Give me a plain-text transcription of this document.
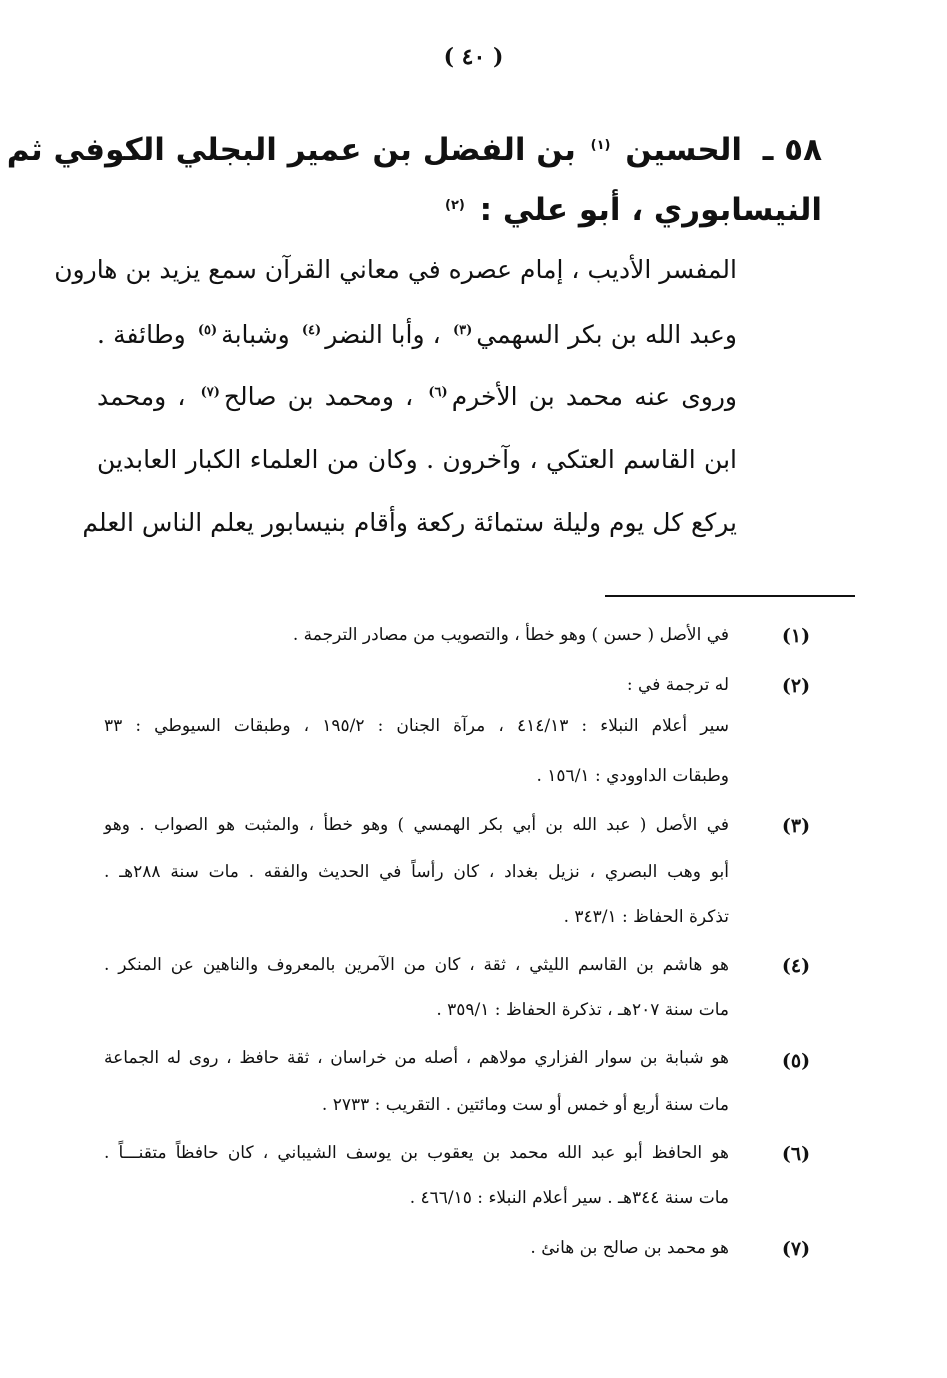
( ٤٠ )
٥٨ ـ
الحسين $^{(١)}$ بن الفضل بن عمير البجلي الكوفي ثم
النيسابوري ، أبو علي : $^{(٢)}$
المفسر الأديب ، إمام عصره في معاني القرآن سمع يزيد بن هارون
وعبد الله بن بكر السهمي$^{(٣)}$ ، وأبا النضر$^{(٤)}$ وشبابة$^{(٥)}$ وطائفة .
وروى عنه محمد بن الأخرم$^{(٦)}$ ، ومحمد بن صالح$^{(٧)}$ ، ومحمد
ابن القاسم العتكي ، وآخرون . وكان من العلماء الكبار العابدين
يركع كل يوم وليلة ستمائة ركعة وأقام بنيسابور يعلم الناس العلم
(١)
في الأصل ( حسن ) وهو خطأ ، والتصويب من مصادر الترجمة .
(٢)
له ترجمة في :
سير أعلام النبلاء : ٤١٤/١٣ ، مرآة الجنان : ١٩٥/٢ ، وطبقات السيوطي : ٣٣
وطبقات الداوودي : ١٥٦/١ .
(٣)
في الأصل ( عبد الله بن أبي بكر الهمسي ) وهو خطأ ، والمثبت هو الصواب . وهو
أبو وهب البصري ، نزيل بغداد ، كان رأساً في الحديث والفقه . مات سنة ٢٨٨هـ .
تذكرة الحفاظ : ٣٤٣/١ .
(٤)
هو هاشم بن القاسم الليثي ، ثقة ، كان من الآمرين بالمعروف والناهين عن المنكر .
مات سنة ٢٠٧هـ ، تذكرة الحفاظ : ٣٥٩/١ .
(٥)
هو شبابة بن سوار الفزاري مولاهم ، أصله من خراسان ، ثقة حافظ ، روى له الجماعة
مات سنة أربع أو خمس أو ست ومائتين . التقريب : ٢٧٣٣ .
(٦)
هو الحافظ أبو عبد الله محمد بن يعقوب بن يوسف الشيباني ، كان حافظاً متقنـــاً .
مات سنة ٣٤٤هـ . سير أعلام النبلاء : ٤٦٦/١٥ .
(٧)
هو محمد بن صالح بن هانئ .
